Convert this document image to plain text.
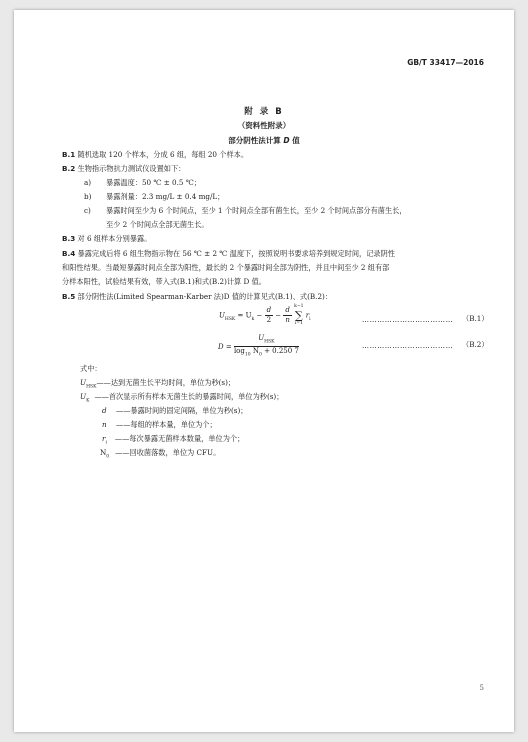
GB/T 33417—2016
附 录 B
（资料性附录）
部分阴性法计算 D 值
B.1 随机选取 120 个样本，分成 6 组，每组 20 个样本。
B.2 生物指示物抗力测试仪设置如下：
a) 暴露温度：50 ℃ ± 0.5 ℃；
b) 暴露剂量：2.3 mg/L ± 0.4 mg/L；
c) 暴露时间至少为 6 个时间点，至少 1 个时间点全部有菌生长，至少 2 个时间点部分有菌生长，
至少 2 个时间点全部无菌生长。
B.3 对 6 组样本分别暴露。
B.4 暴露完成后将 6 组生物指示物在 56 ℃ ± 2 ℃ 温度下，按照说明书要求培养到规定时间，记录阴性
和阳性结果。当最短暴露时间点全部为阳性，最长的 2 个暴露时间全部为阴性，并且中间至少 2 组有部
分样本阳性，试验结果有效，带入式(B.1)和式(B.2)计算 D 值。
B.5 部分阴性法(Limited Spearman-Karber 法)D 值的计算见式(B.1)、式(B.2)：
$U_{HSK} = U_k - \frac{d}{2} - \frac{d}{n}$
k−1
∑
i=1
$r_i$	……………………………… （B.1）
$D = \frac{U_{HSK}}{\log_{10} N_0 + 0.250 7}$	……………………………… （B.2）
式中：
$U_{HSK}——$达到无菌生长平均时间，单位为秒(s)；
$U_K$ ——首次显示所有样本无菌生长的暴露时间，单位为秒(s)；
d ——暴露时间的固定间隔，单位为秒(s)；
n ——每组的样本量，单位为个；
$r_i$ ——每次暴露无菌样本数量，单位为个；
$N_0$ ——回收菌落数，单位为 CFU。
5
